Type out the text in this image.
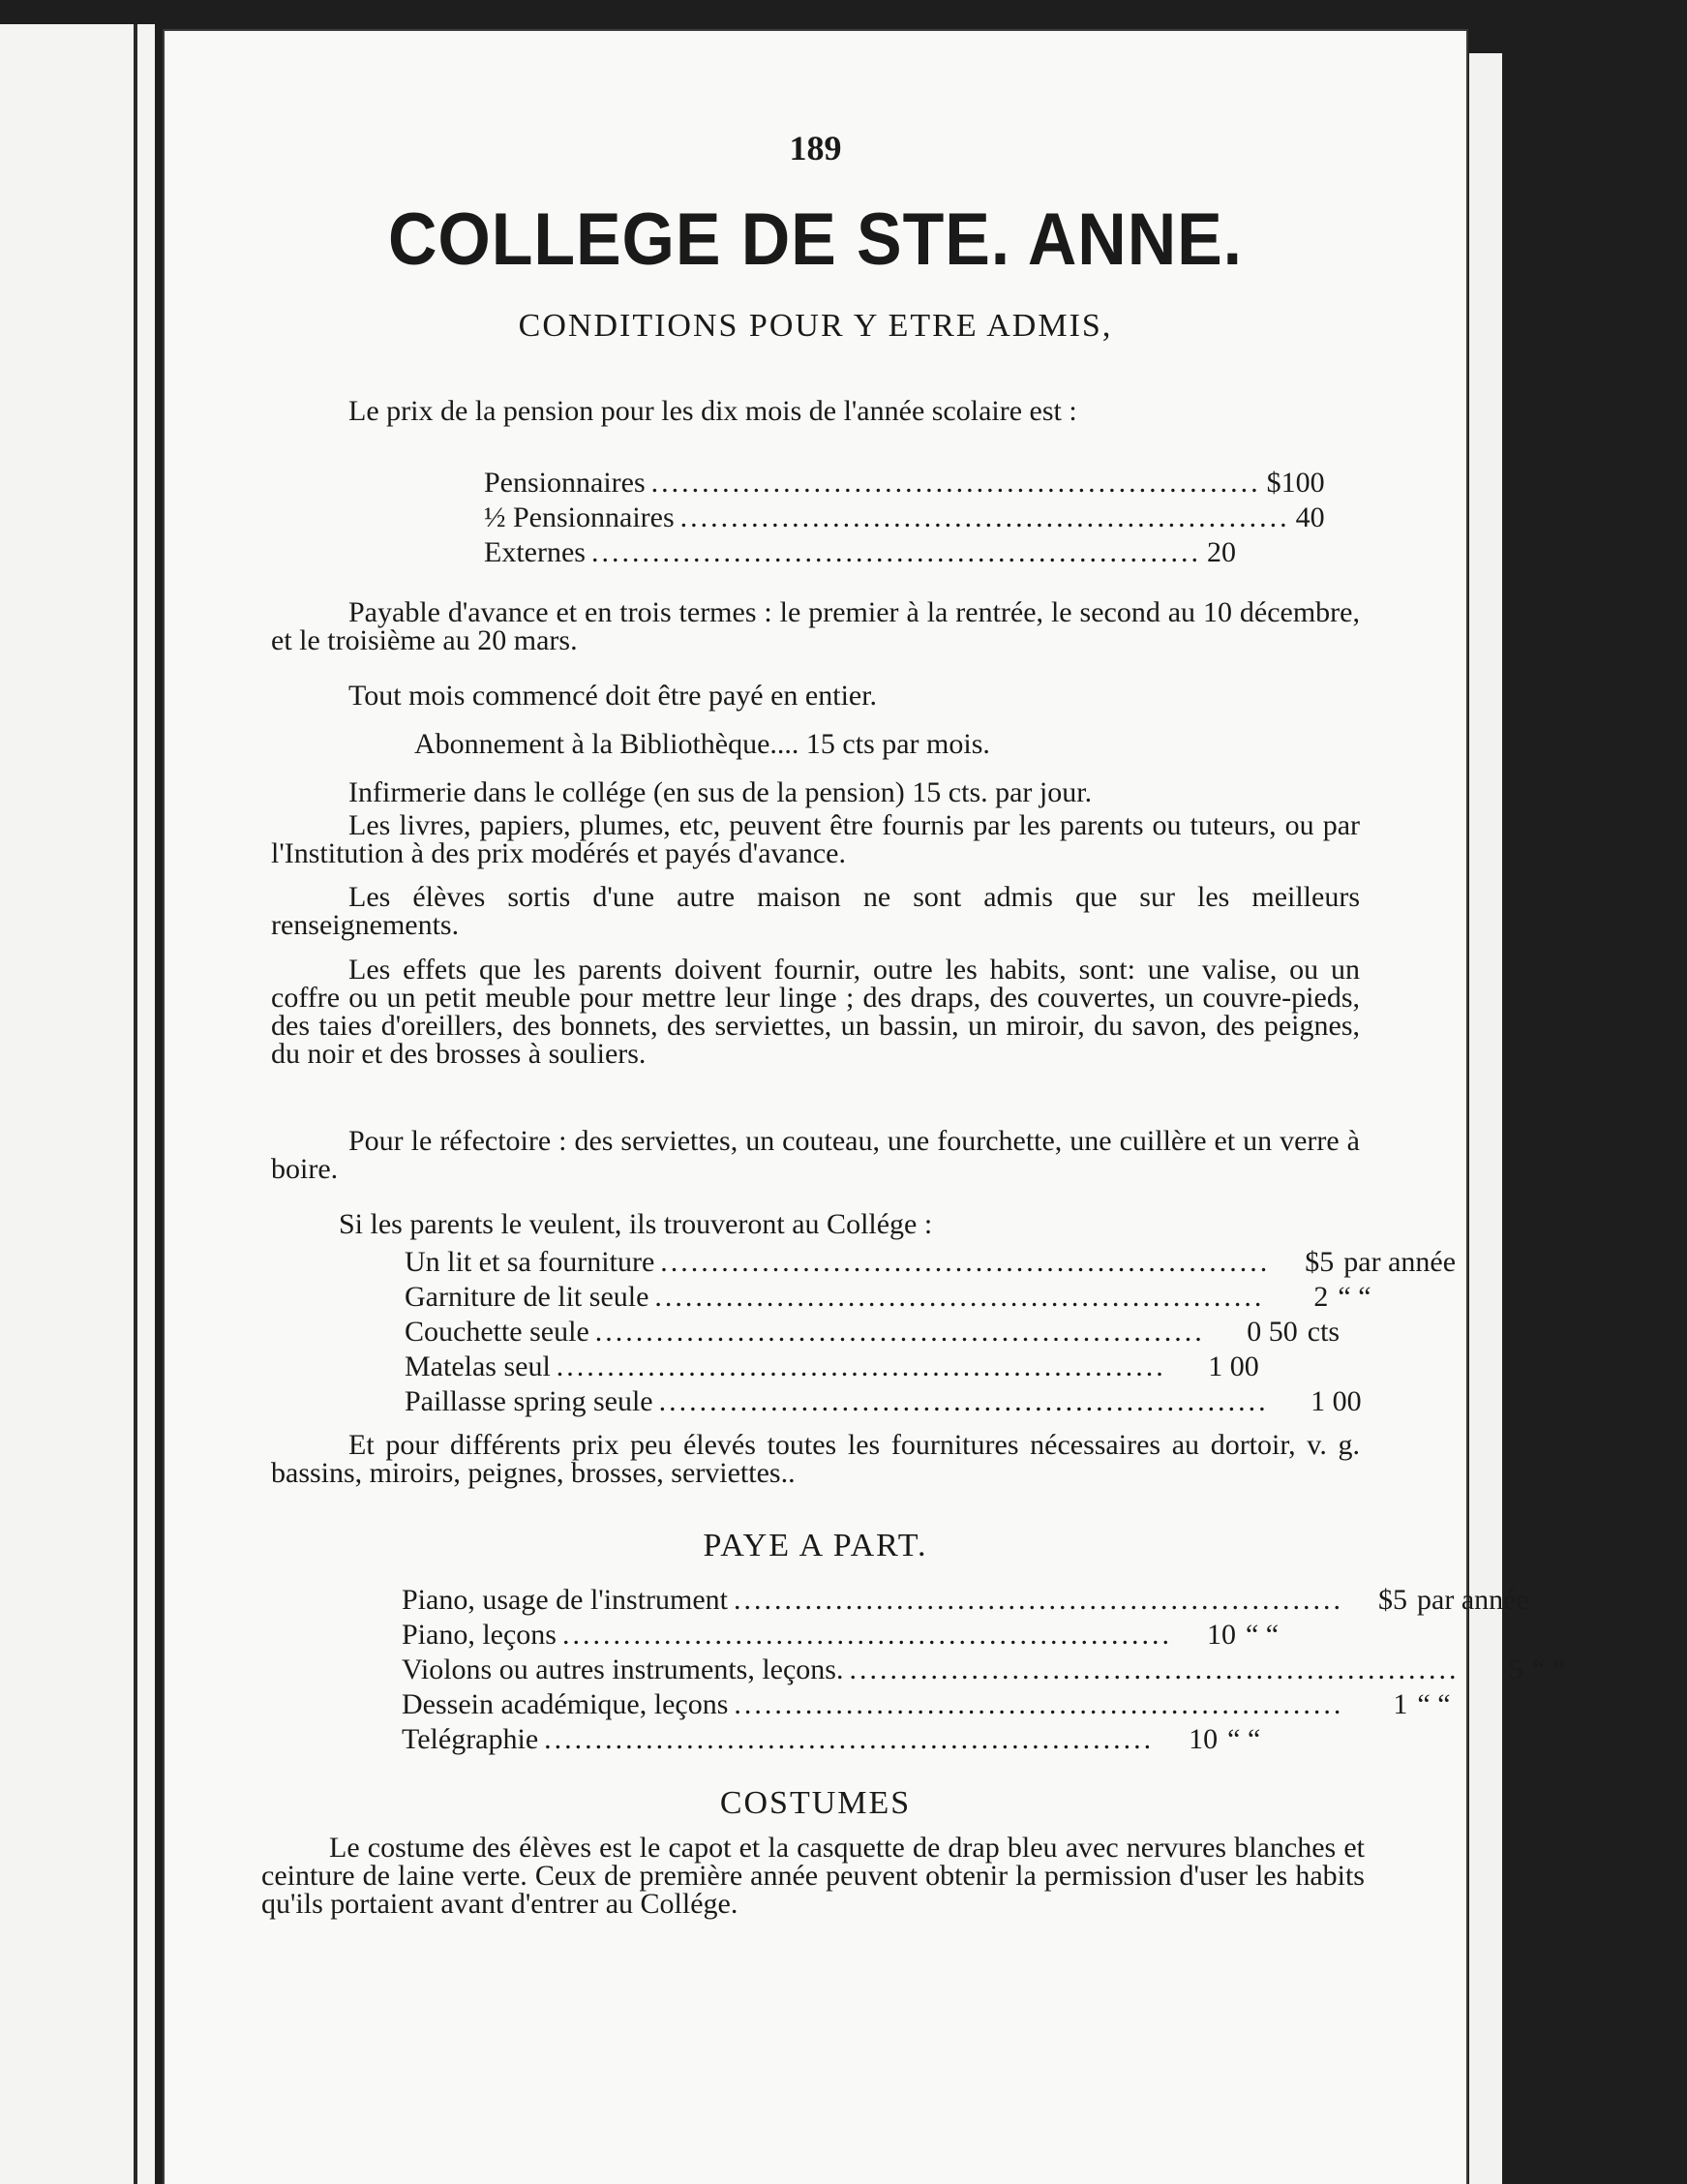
189
COLLEGE DE STE. ANNE.
CONDITIONS POUR Y ETRE ADMIS,
Le prix de la pension pour les dix mois de l'année scolaire est :
Pensionnaires ............................................................ $100
½ Pensionnaires ............................................................ 40
Externes ............................................................ 20
Payable d'avance et en trois termes : le premier à la rentrée, le second au 10 décembre, et le troisième au 20 mars.
Tout mois commencé doit être payé en entier.
Abonnement à la Bibliothèque.... 15 cts par mois.
Infirmerie dans le collége (en sus de la pension) 15 cts. par jour.
Les livres, papiers, plumes, etc, peuvent être fournis par les parents ou tuteurs, ou par l'Institution à des prix modérés et payés d'avance.
Les élèves sortis d'une autre maison ne sont admis que sur les meilleurs renseignements.
Les effets que les parents doivent fournir, outre les habits, sont: une valise, ou un coffre ou un petit meuble pour mettre leur linge ; des draps, des couvertes, un couvre-pieds, des taies d'oreillers, des bonnets, des serviettes, un bassin, un miroir, du savon, des peignes, du noir et des brosses à souliers.
Pour le réfectoire : des serviettes, un couteau, une fourchette, une cuillère et un verre à boire.
Si les parents le veulent, ils trouveront au Collége :
Un lit et sa fourniture ............................................................	$5 par année
Garniture de lit seule ............................................................	2 “ “
Couchette seule ............................................................	0 50 cts
Matelas seul ............................................................	1 00
Paillasse spring seule ............................................................	1 00
Et pour différents prix peu élevés toutes les fournitures nécessaires au dortoir, v. g. bassins, miroirs, peignes, brosses, serviettes..
PAYE A PART.
Piano, usage de l'instrument ............................................................	$5 par année
Piano, leçons ............................................................	10 “ “
Violons ou autres instruments, leçons. ............................................................	5 “ “
Dessein académique, leçons ............................................................	1 “ “
Telégraphie ............................................................	10 “ “
COSTUMES
Le costume des élèves est le capot et la casquette de drap bleu avec nervures blanches et ceinture de laine verte. Ceux de première année peuvent obtenir la permission d'user les habits qu'ils portaient avant d'entrer au Collége.
